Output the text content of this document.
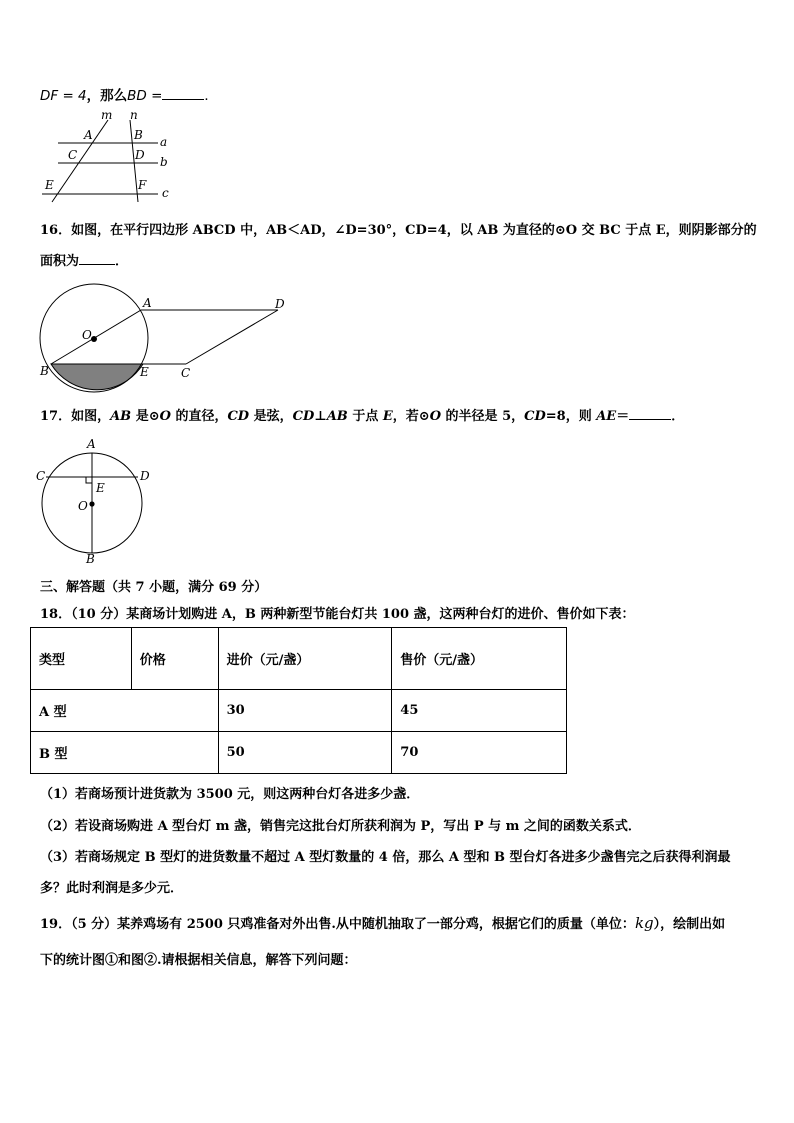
DF = 4，那么BD =	．
m n
A	B a
C	D b
E	F
c
16．如图，在平行四边形 ABCD 中，AB＜AD，∠D=30°，CD=4，以 AB 为直径的⊙O 交 BC 于点 E，则阴影部分的
面积为	．
A	D
O
B	E	C
17．如图，AB 是⊙O 的直径，CD 是弦，CD⊥AB 于点 E，若⊙O 的半径是 5，CD=8，则 AE＝	．
A
C	D
E
O
B
三、解答题（共 7 小题，满分 69 分）
18．（10 分）某商场计划购进 A，B 两种新型节能台灯共 100 盏，这两种台灯的进价、售价如下表：
类型	价格	进价（元/盏）	售价（元/盏）
A 型		30	45
B 型		50	70
（1）若商场预计进货款为 3500 元，则这两种台灯各进多少盏．
（2）若设商场购进 A 型台灯 m 盏，销售完这批台灯所获利润为 P，写出 P 与 m 之间的函数关系式．
（3）若商场规定 B 型灯的进货数量不超过 A 型灯数量的 4 倍，那么 A 型和 B 型台灯各进多少盏售完之后获得利润最
多？此时利润是多少元．
19．（5 分）某养鸡场有 2500 只鸡准备对外出售.从中随机抽取了一部分鸡，根据它们的质量（单位：kg），绘制出如
下的统计图①和图②.请根据相关信息，解答下列问题：
